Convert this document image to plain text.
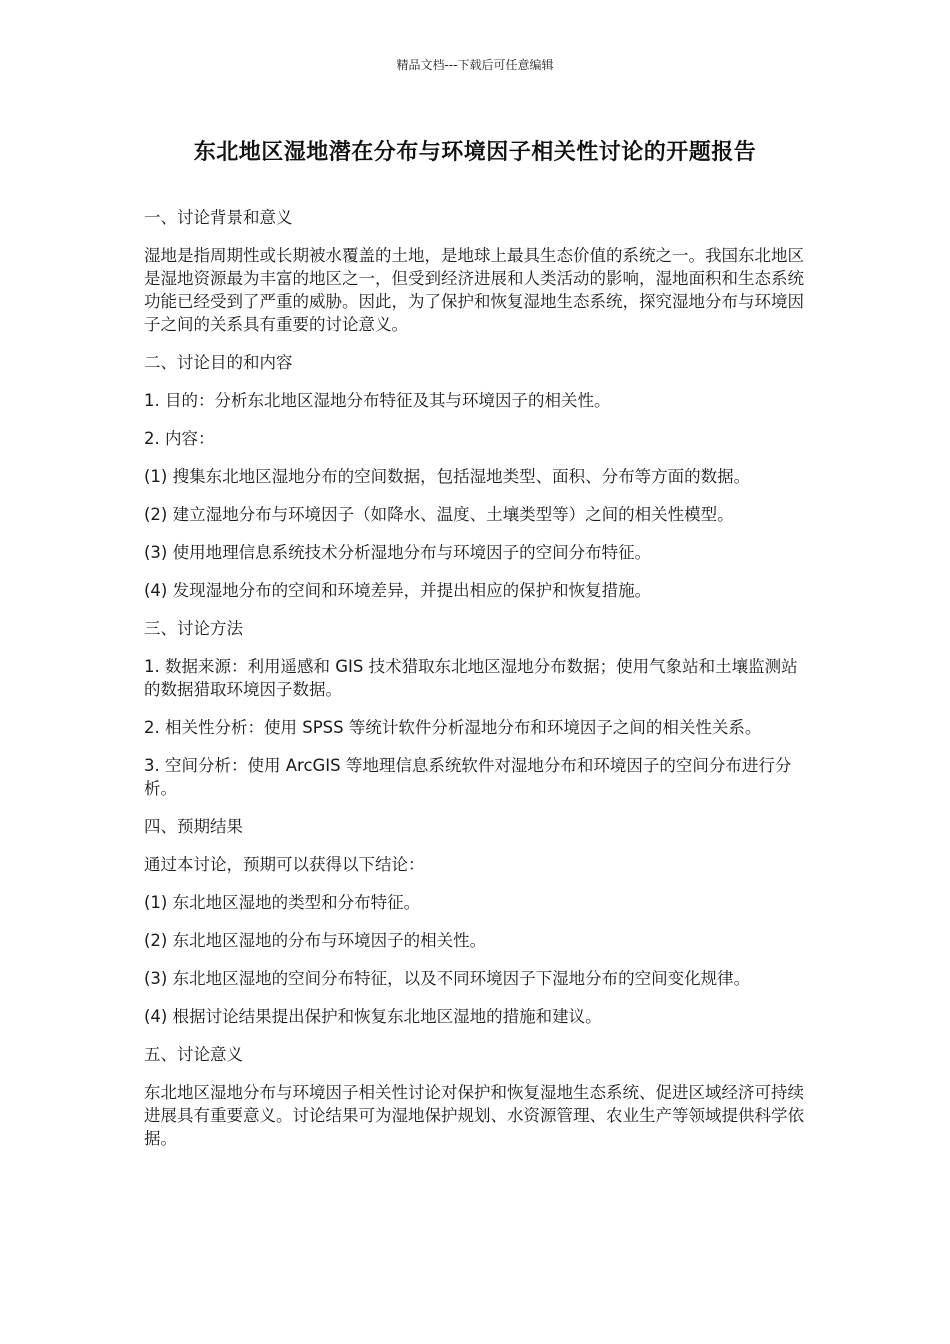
精品文档---下载后可任意编辑
东北地区湿地潜在分布与环境因子相关性讨论的开题报告

一、讨论背景和意义

湿地是指周期性或长期被水覆盖的土地，是地球上最具生态价值的系统之一。我国东北地区是湿地资源最为丰富的地区之一，但受到经济进展和人类活动的影响，湿地面积和生态系统功能已经受到了严重的威胁。因此，为了保护和恢复湿地生态系统，探究湿地分布与环境因子之间的关系具有重要的讨论意义。

二、讨论目的和内容

1. 目的：分析东北地区湿地分布特征及其与环境因子的相关性。

2. 内容：

(1) 搜集东北地区湿地分布的空间数据，包括湿地类型、面积、分布等方面的数据。

(2) 建立湿地分布与环境因子（如降水、温度、土壤类型等）之间的相关性模型。

(3) 使用地理信息系统技术分析湿地分布与环境因子的空间分布特征。

(4) 发现湿地分布的空间和环境差异，并提出相应的保护和恢复措施。

三、讨论方法

1. 数据来源：利用遥感和 GIS 技术猎取东北地区湿地分布数据；使用气象站和土壤监测站的数据猎取环境因子数据。

2. 相关性分析：使用 SPSS 等统计软件分析湿地分布和环境因子之间的相关性关系。

3. 空间分析：使用 ArcGIS 等地理信息系统软件对湿地分布和环境因子的空间分布进行分析。

四、预期结果

通过本讨论，预期可以获得以下结论：

(1) 东北地区湿地的类型和分布特征。

(2) 东北地区湿地的分布与环境因子的相关性。

(3) 东北地区湿地的空间分布特征，以及不同环境因子下湿地分布的空间变化规律。

(4) 根据讨论结果提出保护和恢复东北地区湿地的措施和建议。

五、讨论意义

东北地区湿地分布与环境因子相关性讨论对保护和恢复湿地生态系统、促进区域经济可持续进展具有重要意义。讨论结果可为湿地保护规划、水资源管理、农业生产等领域提供科学依据。
